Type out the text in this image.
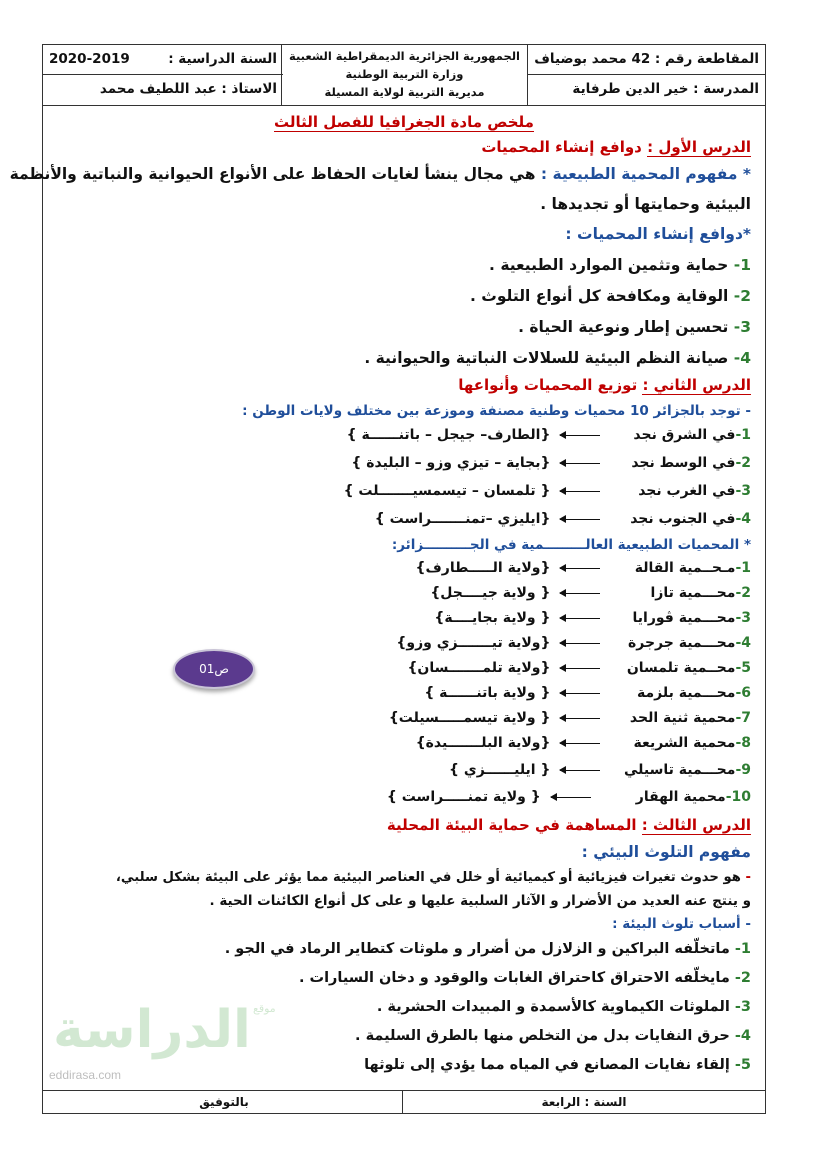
المقاطعة رقم : 42 محمد بوضياف
المدرسة : خير الدين طرفاية
الجمهورية الجزائرية الديمقراطية الشعبية
وزارة التربية الوطنية
مديرية التربية لولاية المسيلة
السنة الدراسية :
2020-2019
الاستاذ : عبد اللطيف محمد
ملخص مادة الجغرافيا للفصل الثالث
الدرس الأول : دوافع إنشاء المحميات
* مفهوم المحمية الطبيعية : هي مجال ينشأ لغايات الحفاظ على الأنواع الحيوانية والنباتية والأنظمة
البيئية وحمايتها أو تجديدها .
*دوافع إنشاء المحميات :
1- حماية وتثمين الموارد الطبيعية .
2- الوقاية ومكافحة كل أنواع التلوث .
3- تحسين إطار ونوعية الحياة .
4- صيانة النظم البيئية للسلالات النباتية والحيوانية .
الدرس الثاني : توزيع المحميات وأنواعها
- توجد بالجزائر 10 محميات وطنية مصنفة وموزعة بين مختلف ولايات الوطن :
1-في الشرق نجد{الطارف– جيجل – باتنــــــة }
2-في الوسط نجد{بجاية – تيزي وزو – البليدة }
3-في الغرب نجد{ تلمسان – تيسمسيـــــــلت }
4-في الجنوب نجد{ايليزي –تمنـــــــراست }
* المحميات الطبيعية العالـــــــــمية في الجــــــــــزائر:
1-مـحــمية القالة{ولاية الـــــطارف}
2-محـــمية تازا{ ولاية جيــــجل}
3-محـــمية ڤورايا{ ولاية بجايــــة}
4-محـــمية جرجرة{ولاية تيـــــــزي وزو}
5-محــمية تلمسان{ولاية تلمـــــــسان}
6-محـــمية بلزمة{ ولاية باتنــــــة }
7-محمية ثنية الحد{ ولاية تيسمـــــسيلت}
8-محمية الشريعة{ولاية البلـــــــيدة}
9-محـــمية تاسيلي{ ايليــــــزي }
10-محمية الهقار{ ولاية تمنـــــراست }
الدرس الثالث : المساهمة في حماية البيئة المحلية
مفهوم التلوث البيئي :
- هو حدوث تغيرات فيزيائية أو كيميائية أو خلل في العناصر البيئية مما يؤثر على البيئة بشكل سلبي،
و ينتج عنه العديد من الأضرار و الآثار السلبية عليها و على كل أنواع الكائنات الحية .
- أسباب تلوث البيئة :
1- ماتخلّفه البراكين و الزلازل من أضرار و ملوثات كتطاير الرماد في الجو .
2- مايخلّفه الاحتراق كاحتراق الغابات والوقود و دخان السيارات .
3- الملوثات الكيماوية كالأسمدة و المبيدات الحشرية .
4- حرق النفايات بدل من التخلص منها بالطرق السليمة .
5- إلقاء نفايات المصانع في المياه مما يؤدي إلى تلوثها
ص01
الدراسة موقع
eddirasa.com
السنة : الرابعة
بالتوفيق
